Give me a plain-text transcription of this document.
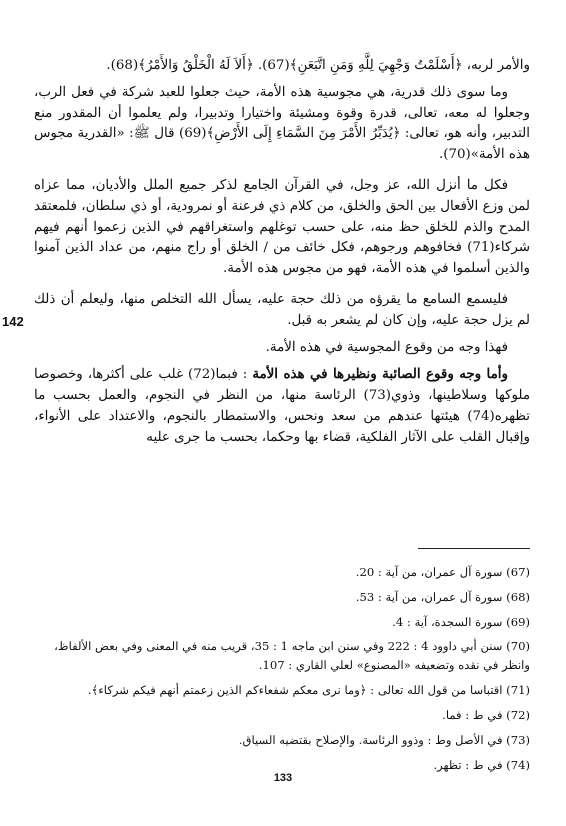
والأمر لربه، ﴿أَسْلَمْتُ وَجْهِيَ لِلَّهِ وَمَنِ اتَّبَعَنِ﴾(67). ﴿أَلاَ لَهُ الْخَلْقُ وَالأَمْرُ﴾(68).

وما سوى ذلك قدرية، هي مجوسية هذه الأمة، حيث جعلوا للعبد شركة في فعل الرب، وجعلوا له معه، تعالى، قدرة وقوة ومشيئة واختيارا وتدبيرا، ولم يعلموا أن المقدور منع التدبير، وأنه هو، تعالى: ﴿يُدَبِّرُ الأَمْرَ مِنَ السَّمَاءِ إِلَى الأَرْضِ﴾(69) قال ﷺ: «القدرية مجوس هذه الأمة»(70).

فكل ما أنزل الله، عز وجل، في القرآن الجامع لذكر جميع الملل والأديان، مما عزاه لمن وزع الأفعال بين الحق والخلق، من كلام ذي فرعنة أو نمرودية، أو ذي سلطان، فلمعتقد المدح والذم للخلق حظ منه، على حسب توغلهم واستغراقهم في الذين زعموا أنهم فيهم شركاء(71) فخافوهم ورجوهم، فكل خائف من / الخلق أو راج منهم، من عداد الذين آمنوا والذين أسلموا في هذه الأمة، فهو من مجوس هذه الأمة.

فليسمع السامع ما يقرؤه من ذلك حجة عليه، يسأل الله التخلص منها، وليعلم أن ذلك لم يزل حجة عليه، وإن كان لم يشعر به قبل.

فهذا وجه من وقوع المجوسية في هذه الأمة.

وأما وجه وقوع الصائبة ونظيرها في هذه الأمة : فبما(72) غلب على أكثرها، وخصوصا ملوكها وسلاطينها، وذوي(73) الرئاسة منها، من النظر في النجوم، والعمل بحسب ما تظهره(74) هيئتها عندهم من سعد ونحس، والاستمطار بالنجوم، والاعتداد على الأنواء، وإقبال القلب على الآثار الفلكية، قضاء بها وحكما، بحسب ما جرى عليه

142

(67) سورة آل عمران، من آية : 20.

(68) سورة آل عمران، من آية : 53.

(69) سورة السجدة، آية : 4.

(70) سنن أبي داوود 4 : 222 وفي سنن ابن ماجه 1 : 35، قريب منه في المعنى وفي بعض الألفاظ، وانظر في نقده وتضعيفه «المصنوع» لعلي القاري : 107.

(71) اقتباسا من قول الله تعالى : ﴿وما نرى معكم شفعاءكم الذين زعمتم أنهم فيكم شركاء﴾.

(72) في ط : فما.

(73) في الأصل وط : وذوو الرئاسة. والإصلاح بقتضيه السياق.

(74) في ط : تظهر.

133
